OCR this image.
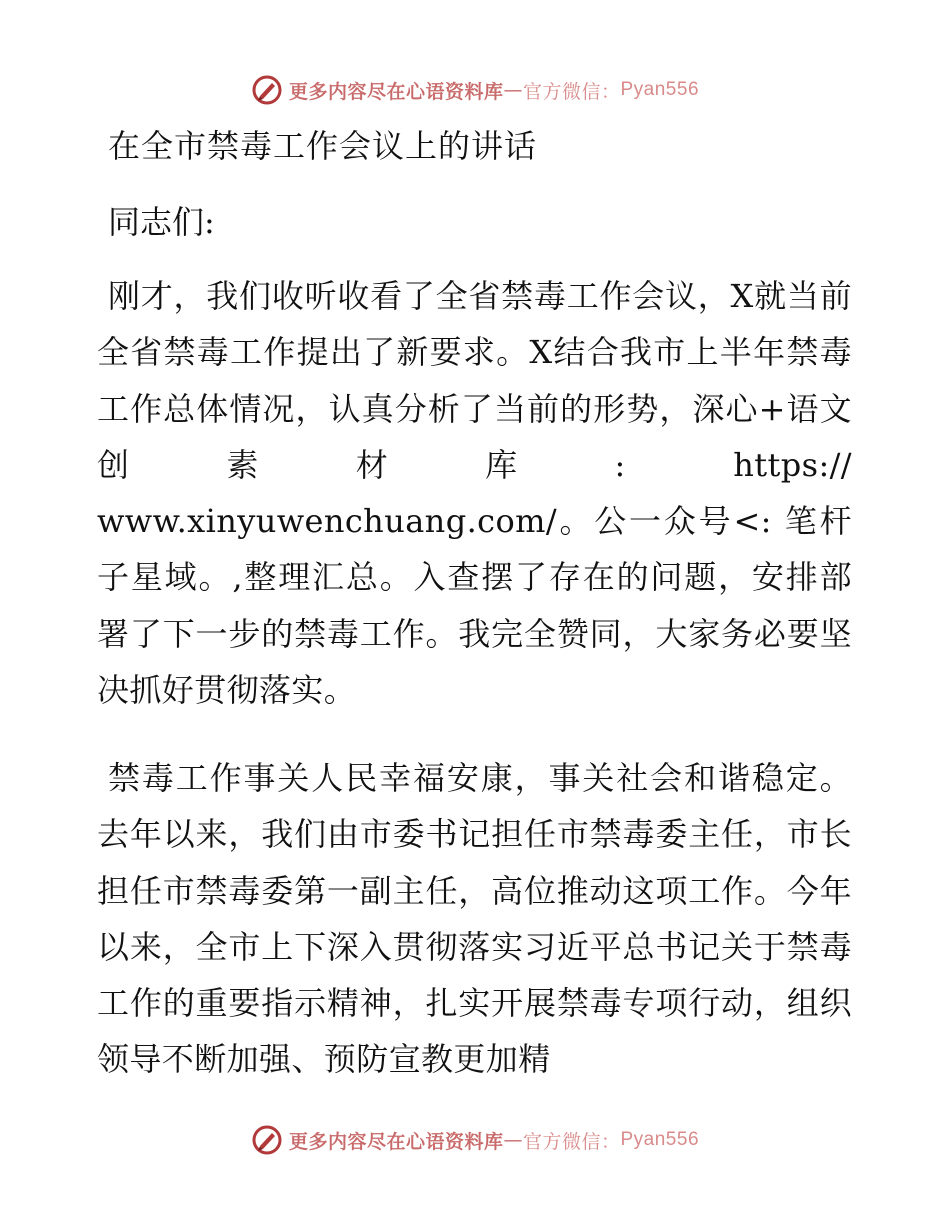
更多内容尽在心语资料库 — 官方微信： Pyan556
在全市禁毒工作会议上的讲话
同志们:

刚才，我们收听收看了全省禁毒工作会议，X就当前全省禁毒工作提出了新要求。X结合我市上半年禁毒工作总体情况，认真分析了当前的形势，深心+语文创素材库: https:// www.xinyuwenchuang.com/。公一众号<: 笔杆子星域。,整理汇总。入查摆了存在的问题，安排部署了下一步的禁毒工作。我完全赞同，大家务必要坚决抓好贯彻落实。

禁毒工作事关人民幸福安康，事关社会和谐稳定。去年以来，我们由市委书记担任市禁毒委主任，市长担任市禁毒委第一副主任，高位推动这项工作。今年以来，全市上下深入贯彻落实习近平总书记关于禁毒工作的重要指示精神，扎实开展禁毒专项行动，组织领导不断加强、预防宣教更加精

更多内容尽在心语资料库 — 官方微信： Pyan556
